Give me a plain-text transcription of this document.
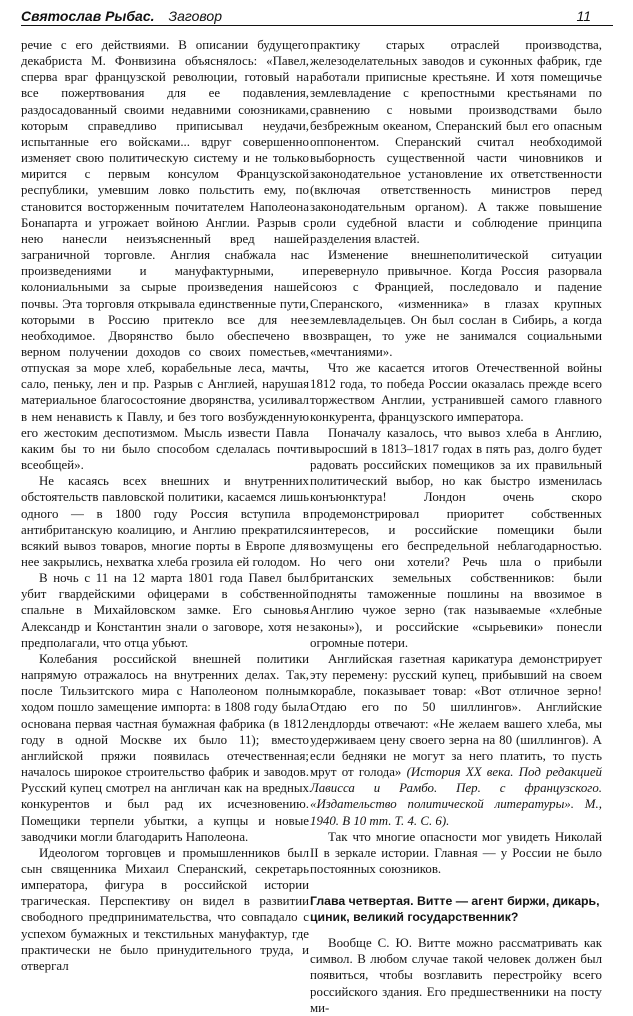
Святослав Рыбас. Заговор	11

речие с его действиями. В описании будущего декабриста М. Фонвизина объяснялось: «Павел, сперва враг французской революции, готовый на все пожертвования для ее подавления, раздосадованный своими недавними союзниками, которым справедливо приписывал неудачи, испытанные его войсками... вдруг совершенно изменяет свою политическую систему и не только мирится с первым консулом Французской республики, умевшим ловко польстить ему, по становится восторженным почитателем Наполеона Бонапарта и угрожает войною Англии. Разрыв с нею нанесли неизъясненный вред нашей заграничной торговле. Англия снабжала нас произведениями и мануфактурными, и колониальными за сырые произведения нашей почвы. Эта торговля открывала единственные пути, которыми в Россию притекло все для нее необходимое. Дворянство было обеспечено в верном получении доходов со своих поместьев, отпуская за море хлеб, корабельные леса, мачты, сало, пеньку, лен и пр. Разрыв с Англией, нарушая материальное благосостояние дворянства, усиливал в нем ненависть к Павлу, и без того возбужденную его жестоким деспотизмом. Мысль извести Павла каким бы то ни было способом сделалась почти всеобщей».

Не касаясь всех внешних и внутренних обстоятельств павловской политики, касаемся лишь одного — в 1800 году Россия вступила в антибританскую коалицию, и Англию прекратился всякий вывоз товаров, многие порты в Европе для нее закрылись, нехватка хлеба грозила ей голодом.

В ночь с 11 на 12 марта 1801 года Павел был убит гвардейскими офицерами в собственной спальне в Михайловском замке. Его сыновья Александр и Константин знали о заговоре, хотя не предполагали, что отца убьют.

Колебания российской внешней политики напрямую отражалось на внутренних делах. Так, после Тильзитского мира с Наполеоном полным ходом пошло замещение импорта: в 1808 году была основана первая частная бумажная фабрика (в 1812 году в одной Москве их было 11); вместо английской пряжи появилась отечественная; началось широкое строительство фабрик и заводов. Русский купец смотрел на англичан как на вредных конкурентов и был рад их исчезновению. Помещики терпели убытки, а купцы и новые заводчики могли благодарить Наполеона.

Идеологом торговцев и промышленников был сын священника Михаил Сперанский, секретарь императора, фигура в российской истории трагическая. Перспективу он видел в развитии свободного предпринимательства, что совпадало с успехом бумажных и текстильных мануфактур, где практически не было принудительного труда, и отвергал

практику старых отраслей производства, железоделательных заводов и суконных фабрик, где работали приписные крестьяне. И хотя помещичье землевладение с крепостными крестьянами по сравнению с новыми производствами было безбрежным океаном, Сперанский был его опасным оппонентом. Сперанский считал необходимой выборность существенной части чиновников и законодательное установление их ответственности (включая ответственность министров перед законодательным органом). А также повышение роли судебной власти и соблюдение принципа разделения властей.

Изменение внешнеполитической ситуации перевернуло привычное. Когда Россия разорвала союз с Францией, последовало и падение Сперанского, «изменника» в глазах крупных землевладельцев. Он был сослан в Сибирь, а когда возвращен, то уже не занимался социальными «мечтаниями».

Что же касается итогов Отечественной войны 1812 года, то победа России оказалась прежде всего торжеством Англии, устранившей самого главного конкурента, французского императора.

Поначалу казалось, что вывоз хлеба в Англию, выросший в 1813–1817 годах в пять раз, долго будет радовать российских помещиков за их правильный политический выбор, но как быстро изменилась конъюнктура! Лондон очень скоро продемонстрировал приоритет собственных интересов, и российские помещики были возмущены его беспредельной неблагодарностью. Но чего они хотели? Речь шла о прибыли британских земельных собственников: были подняты таможенные пошлины на ввозимое в Англию чужое зерно (так называемые «хлебные законы»), и российские «сырьевики» понесли огромные потери.

Английская газетная карикатура демонстрирует эту перемену: русский купец, прибывший на своем корабле, показывает товар: «Вот отличное зерно! Отдаю его по 50 шиллингов». Английские лендлорды отвечают: «Не желаем вашего хлеба, мы удерживаем цену своего зерна на 80 (шиллингов). А если бедняки не могут за него платить, то пусть мрут от голода» (История XX века. Под редакцией Лависса и Рамбо. Пер. с французского. «Издательство политической литературы». М., 1940. В 10 тт. Т. 4. С. 6).

Так что многие опасности мог увидеть Николай II в зеркале истории. Главная — у России не было постоянных союзников.

Глава четвертая. Витте — агент биржи, дикарь, циник, великий государственник?

Вообще С. Ю. Витте можно рассматривать как символ. В любом случае такой человек должен был появиться, чтобы возглавить перестройку всего российского здания. Его предшественники на посту ми-
